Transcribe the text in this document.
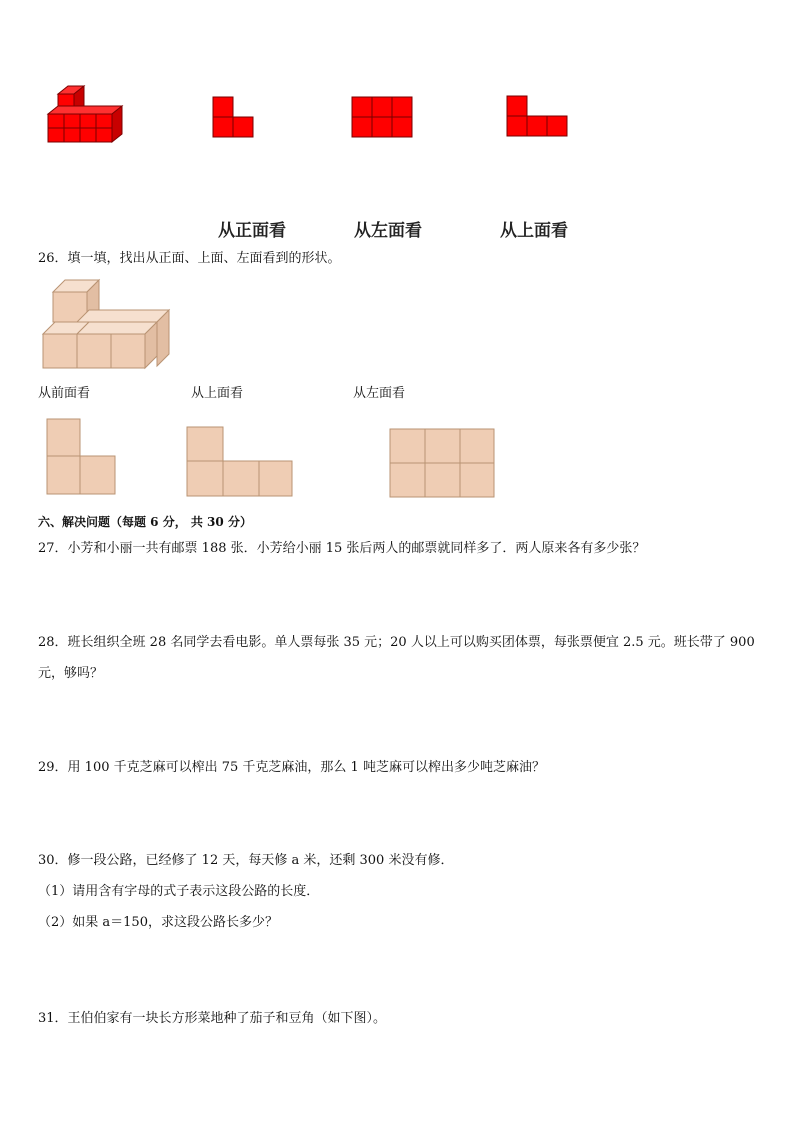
从正面看	从左面看	从上面看
26．填一填，找出从正面、上面、左面看到的形状。
从前面看	从上面看	从左面看
六、解决问题（每题 6 分， 共 30 分）
27．小芳和小丽一共有邮票 188 张．小芳给小丽 15 张后两人的邮票就同样多了．两人原来各有多少张？
28．班长组织全班 28 名同学去看电影。单人票每张 35 元；20 人以上可以购买团体票，每张票便宜 2.5 元。班长带了 900
元，够吗？
29．用 100 千克芝麻可以榨出 75 千克芝麻油，那么 1 吨芝麻可以榨出多少吨芝麻油？
30．修一段公路，已经修了 12 天，每天修 a 米，还剩 300 米没有修．
（1）请用含有字母的式子表示这段公路的长度．
（2）如果 a＝150，求这段公路长多少？
31．王伯伯家有一块长方形菜地种了茄子和豆角（如下图）。
